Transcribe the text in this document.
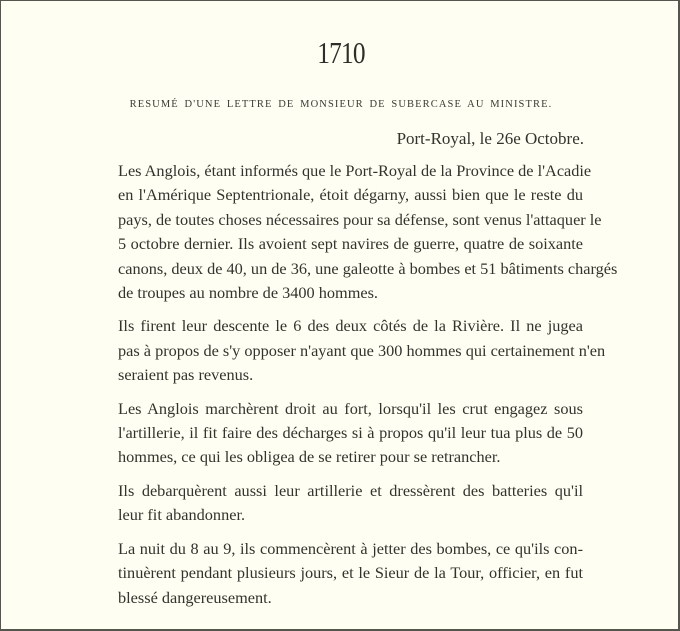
1710
RESUMÉ D'UNE LETTRE DE MONSIEUR DE SUBERCASE AU MINISTRE.
Port-Royal, le 26e Octobre.

Les Anglois, étant informés que le Port-Royal de la Province de l'Acadie
en l'Amérique Septentrionale, étoit dégarny, aussi bien que le reste du
pays, de toutes choses nécessaires pour sa défense, sont venus l'attaquer le
5 octobre dernier. Ils avoient sept navires de guerre, quatre de soixante
canons, deux de 40, un de 36, une galeotte à bombes et 51 bâtiments chargés
de troupes au nombre de 3400 hommes.

Ils firent leur descente le 6 des deux côtés de la Rivière. Il ne jugea
pas à propos de s'y opposer n'ayant que 300 hommes qui certainement n'en
seraient pas revenus.

Les Anglois marchèrent droit au fort, lorsqu'il les crut engagez sous
l'artillerie, il fit faire des décharges si à propos qu'il leur tua plus de 50
hommes, ce qui les obligea de se retirer pour se retrancher.

Ils debarquèrent aussi leur artillerie et dressèrent des batteries qu'il
leur fit abandonner.

La nuit du 8 au 9, ils commencèrent à jetter des bombes, ce qu'ils con-
tinuèrent pendant plusieurs jours, et le Sieur de la Tour, officier, en fut
blessé dangereusement.
